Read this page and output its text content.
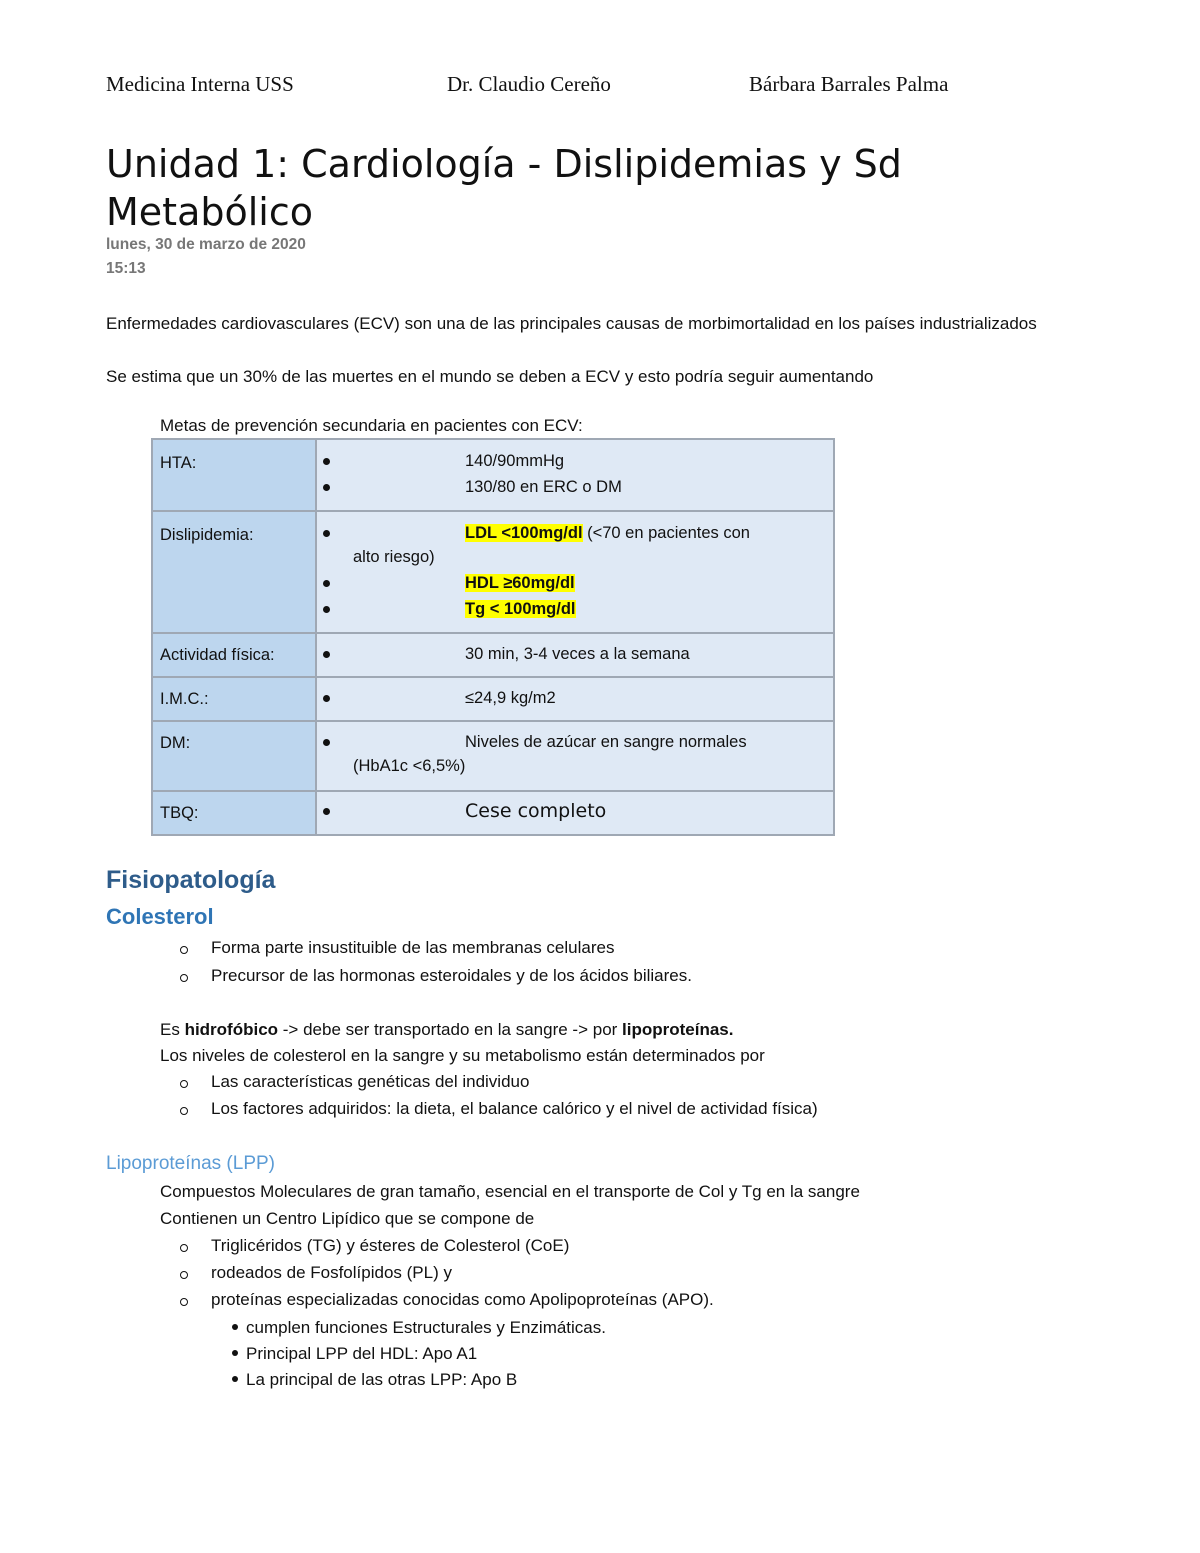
Medicina Interna USS	Dr. Claudio Cereño	Bárbara Barrales Palma
Unidad 1: Cardiología - Dislipidemias y Sd Metabólico
lunes, 30 de marzo de 2020
15:13
Enfermedades cardiovasculares (ECV) son una de las principales causas de morbimortalidad en los países industrializados
Se estima que un 30% de las muertes en el mundo se deben a ECV y esto podría seguir aumentando
Metas de prevención secundaria en pacientes con ECV:
HTA:	140/90mmHg
130/80 en ERC o DM

Dislipidemia:	LDL <100mg/dl (<70 en pacientes con
alto riesgo)
HDL ≥60mg/dl
Tg < 100mg/dl

Actividad física:	30 min, 3-4 veces a la semana

I.M.C.:	≤24,9 kg/m2

DM:	Niveles de azúcar en sangre normales
(HbA1c <6,5%)

TBQ:	Cese completo
Fisiopatología
Colesterol
Forma parte insustituible de las membranas celulares
Precursor de las hormonas esteroidales y de los ácidos biliares.
Es hidrofóbico -> debe ser transportado en la sangre -> por lipoproteínas.
Los niveles de colesterol en la sangre y su metabolismo están determinados por
Las características genéticas del individuo
Los factores adquiridos: la dieta, el balance calórico y el nivel de actividad física)
Lipoproteínas (LPP)
Compuestos Moleculares de gran tamaño, esencial en el transporte de Col y Tg en la sangre
Contienen un Centro Lipídico que se compone de
Triglicéridos (TG) y ésteres de Colesterol (CoE)
rodeados de Fosfolípidos (PL) y
proteínas especializadas conocidas como Apolipoproteínas (APO).
cumplen funciones Estructurales y Enzimáticas.
Principal LPP del HDL: Apo A1
La principal de las otras LPP: Apo B
